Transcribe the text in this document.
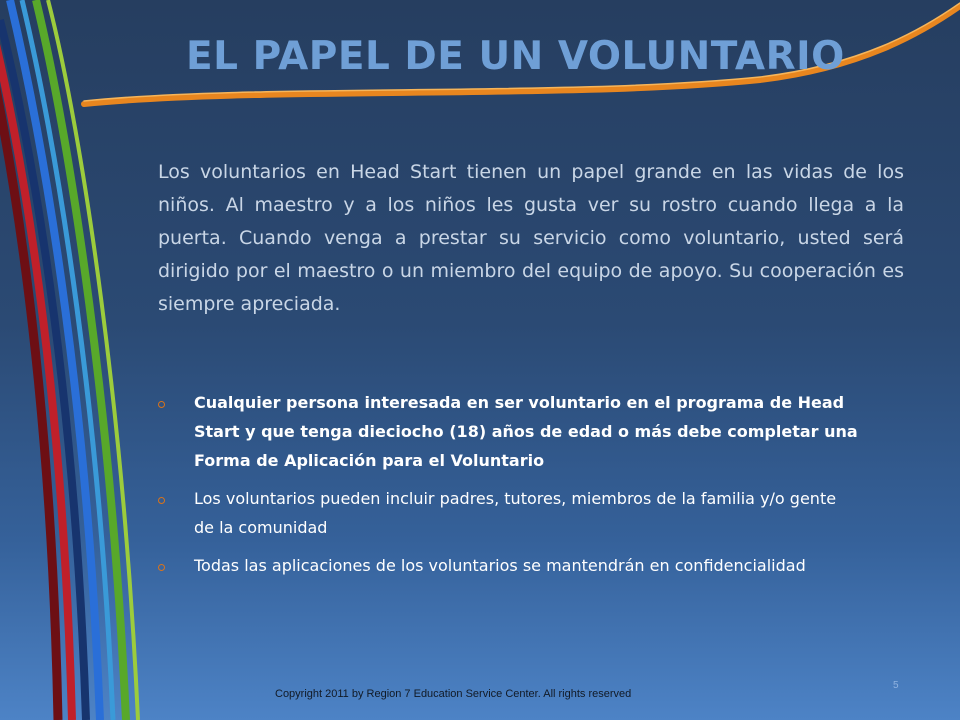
EL PAPEL DE UN VOLUNTARIO

Los voluntarios en Head Start tienen un papel grande en las vidas de los niños. Al maestro y a los niños les gusta ver su rostro cuando llega a la puerta. Cuando venga a prestar su servicio como voluntario, usted será dirigido por el maestro o un miembro del equipo de apoyo. Su cooperación es siempre apreciada.

Cualquier persona interesada en ser voluntario en el programa de Head Start y que tenga dieciocho (18) años de edad o más debe completar una Forma de Aplicación para el Voluntario
Los voluntarios pueden incluir padres, tutores, miembros de la familia y/o gente de la comunidad
Todas las aplicaciones de los voluntarios se mantendrán en confidencialidad
Copyright 2011 by Region 7 Education Service Center. All rights reserved
5
